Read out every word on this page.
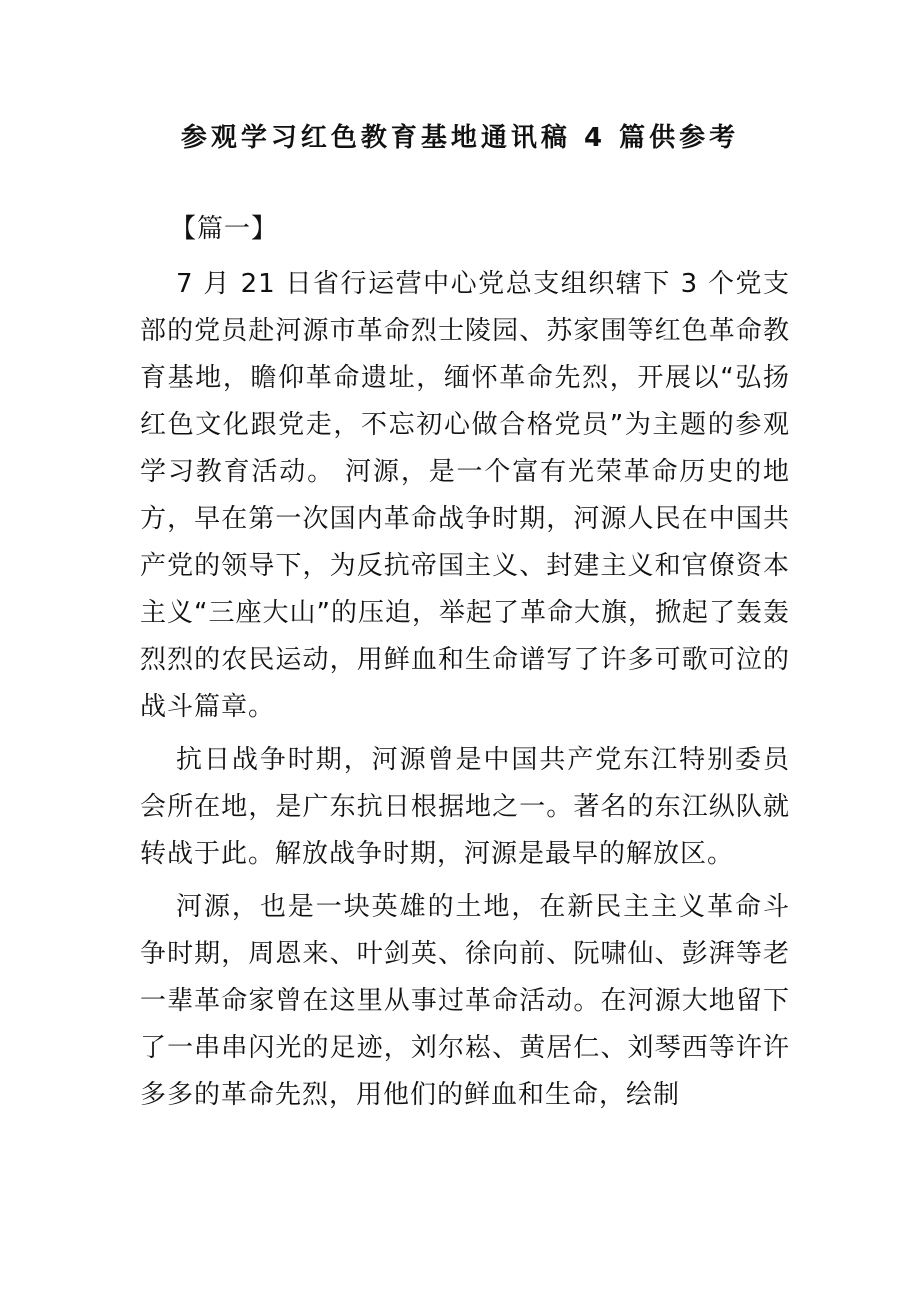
参观学习红色教育基地通讯稿 4 篇供参考
【篇一】

7 月 21 日省行运营中心党总支组织辖下 3 个党支部的党员赴河源市革命烈士陵园、苏家围等红色革命教育基地，瞻仰革命遗址，缅怀革命先烈，开展以“弘扬红色文化跟党走，不忘初心做合格党员”为主题的参观学习教育活动。 河源，是一个富有光荣革命历史的地方，早在第一次国内革命战争时期，河源人民在中国共产党的领导下，为反抗帝国主义、封建主义和官僚资本主义“三座大山”的压迫，举起了革命大旗，掀起了轰轰烈烈的农民运动，用鲜血和生命谱写了许多可歌可泣的战斗篇章。

抗日战争时期，河源曾是中国共产党东江特别委员会所在地，是广东抗日根据地之一。著名的东江纵队就转战于此。解放战争时期，河源是最早的解放区。

河源，也是一块英雄的土地，在新民主主义革命斗争时期，周恩来、叶剑英、徐向前、阮啸仙、彭湃等老一辈革命家曾在这里从事过革命活动。在河源大地留下了一串串闪光的足迹，刘尔崧、黄居仁、刘琴西等许许多多的革命先烈，用他们的鲜血和生命，绘制
